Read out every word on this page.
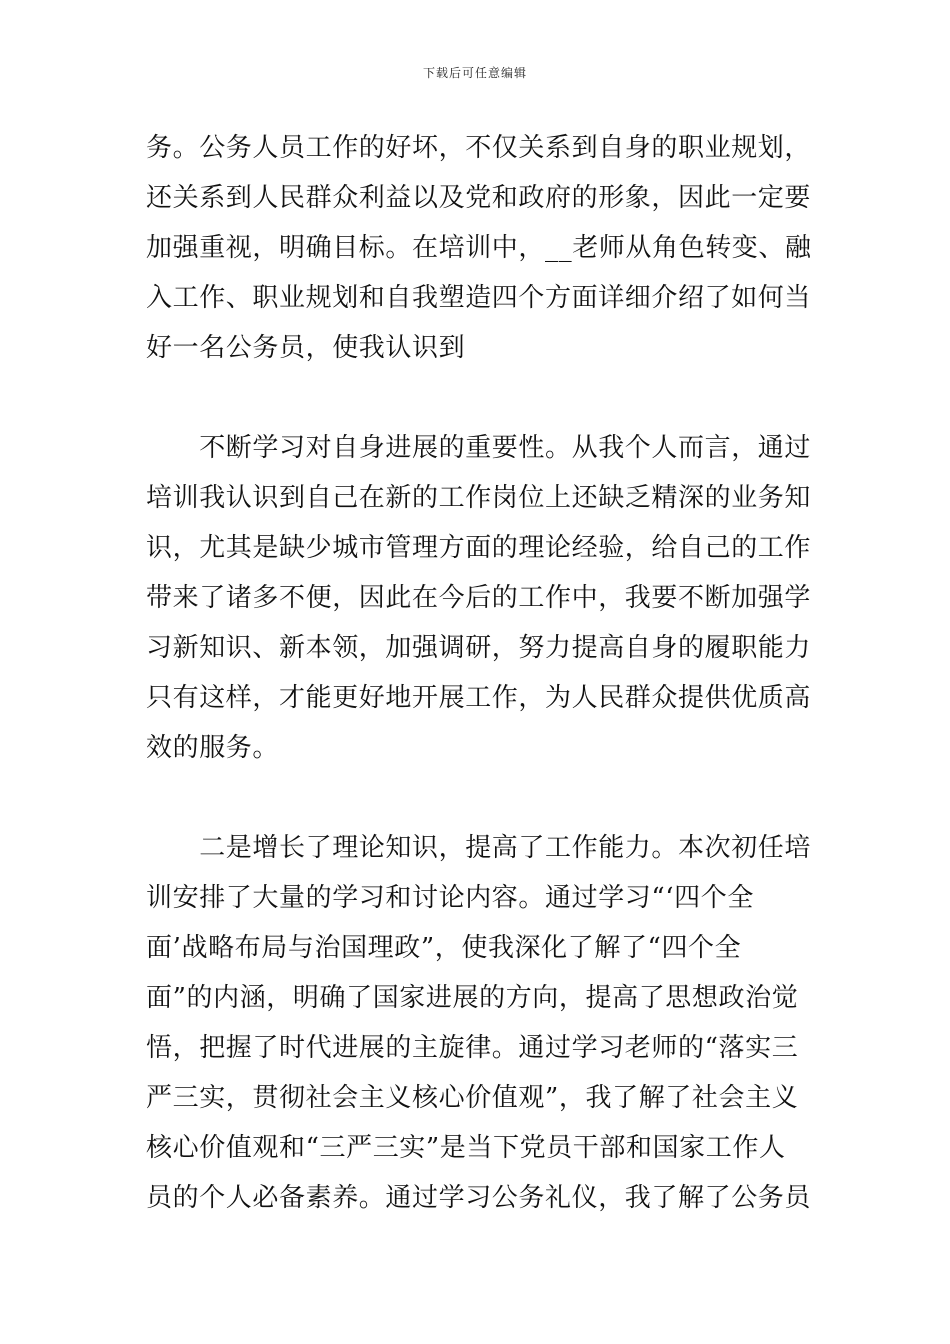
下载后可任意编辑
务。公务人员工作的好坏，不仅关系到自身的职业规划，
还关系到人民群众利益以及党和政府的形象，因此一定要
加强重视，明确目标。在培训中，__老师从角色转变、融
入工作、职业规划和自我塑造四个方面详细介绍了如何当
好一名公务员，使我认识到
　　不断学习对自身进展的重要性。从我个人而言，通过
培训我认识到自己在新的工作岗位上还缺乏精深的业务知
识，尤其是缺少城市管理方面的理论经验，给自己的工作
带来了诸多不便，因此在今后的工作中，我要不断加强学
习新知识、新本领，加强调研，努力提高自身的履职能力
只有这样，才能更好地开展工作，为人民群众提供优质高
效的服务。
　　二是增长了理论知识，提高了工作能力。本次初任培
训安排了大量的学习和讨论内容。通过学习“‘四个全
面’战略布局与治国理政”，使我深化了解了“四个全
面”的内涵，明确了国家进展的方向，提高了思想政治觉
悟，把握了时代进展的主旋律。通过学习老师的“落实三
严三实，贯彻社会主义核心价值观”，我了解了社会主义
核心价值观和“三严三实”是当下党员干部和国家工作人
员的个人必备素养。通过学习公务礼仪，我了解了公务员
